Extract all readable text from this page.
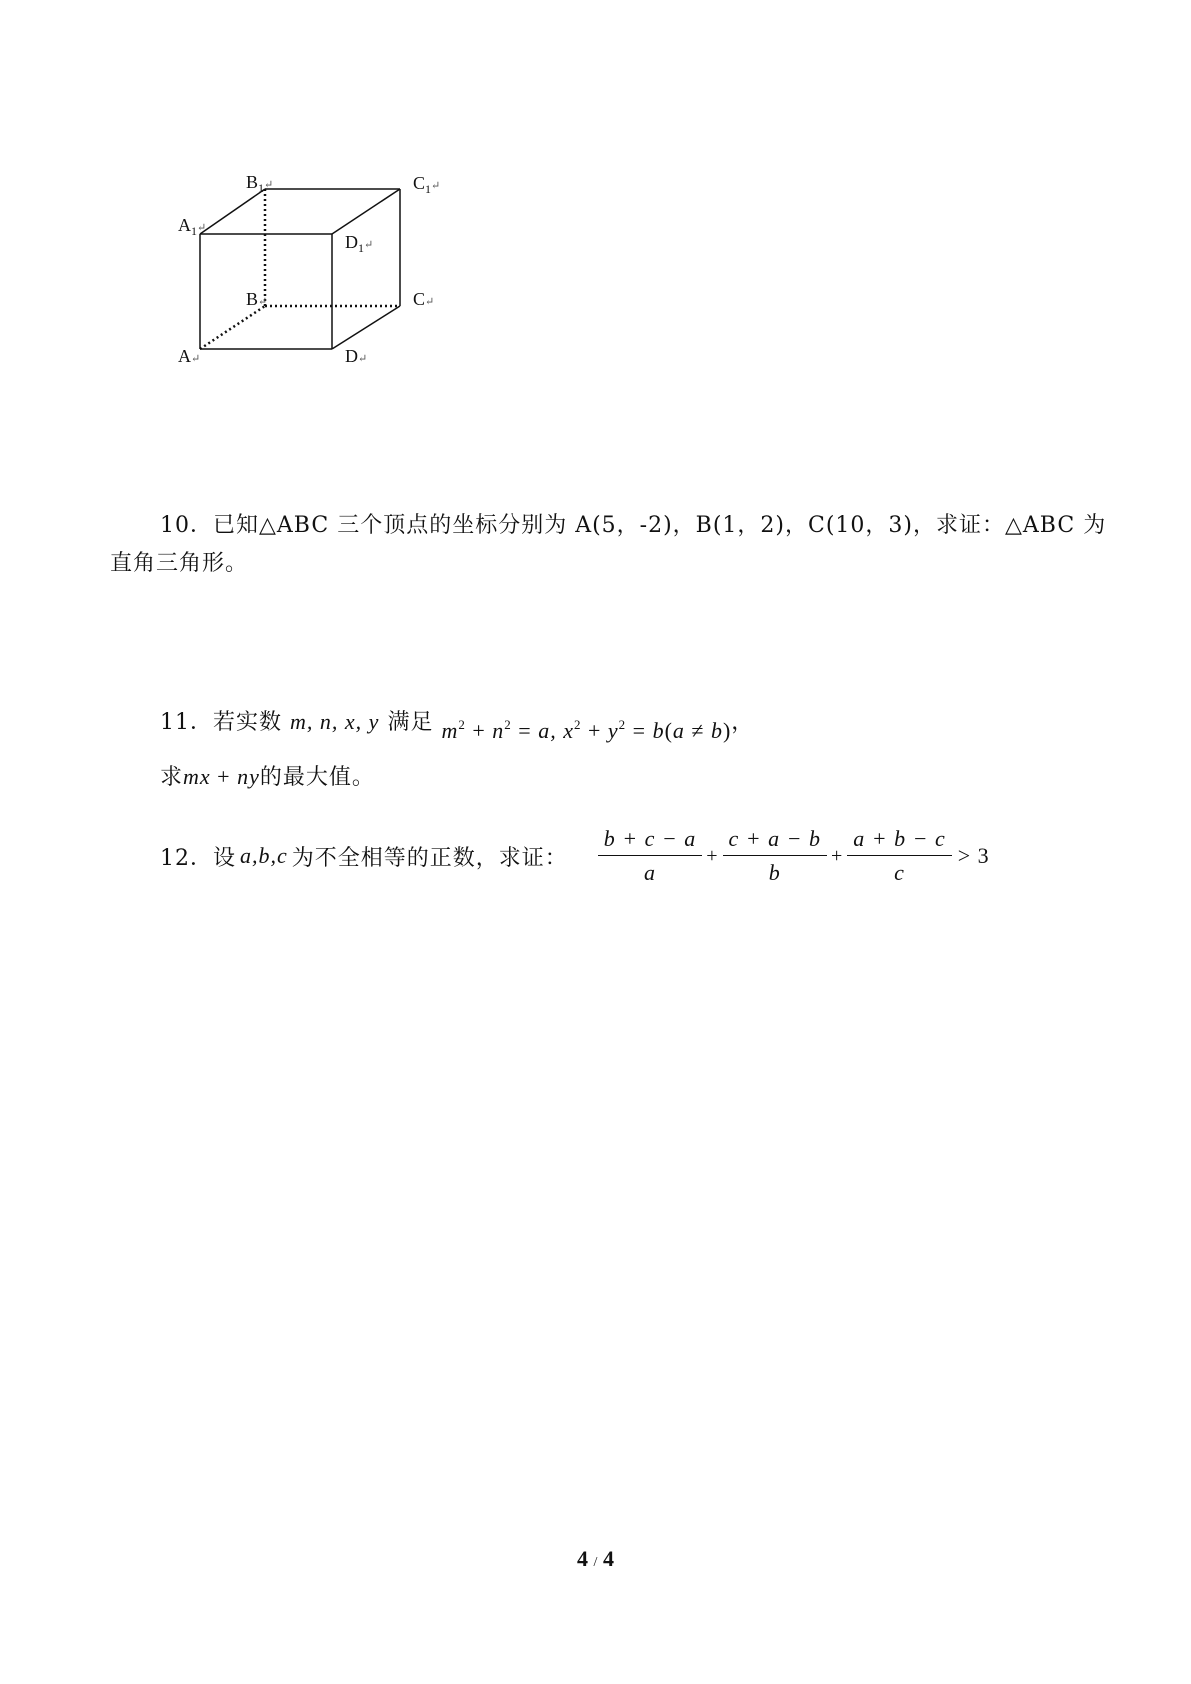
$B_1^↵$	$C_1^↵$
$A_1^↵$
$D_1^↵$
B↵	C↵
A↵	D↵
10．已知△ABC 三个顶点的坐标分别为 A(5，-2)，B(1，2)，C(10，3)，求证：△ABC 为
直角三角形。
11．若实数 m, n, x, y 满足 $m^2 + n^2 = a$, $x^2 + y^2 = b(a \ne b)$，
求mx + ny的最大值。
12． 设 a,b,c 为不全相等的正数，求证： $\frac{b + c - a}{a} + \frac{c + a - b}{b} + \frac{a + b - c}{c} > 3$
4 / 4
